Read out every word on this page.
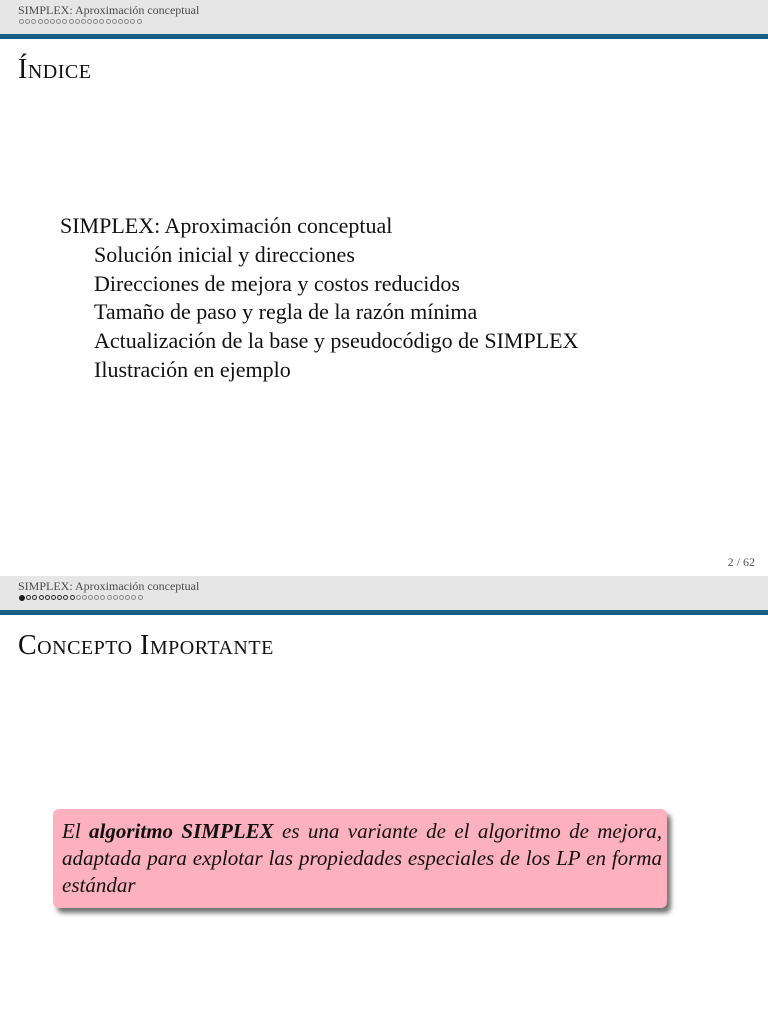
SIMPLEX: Aproximación conceptual
Índice
SIMPLEX: Aproximación conceptual
Solución inicial y direcciones
Direcciones de mejora y costos reducidos
Tamaño de paso y regla de la razón mínima
Actualización de la base y pseudocódigo de SIMPLEX
Ilustración en ejemplo
2 / 62
SIMPLEX: Aproximación conceptual
Concepto Importante
El algoritmo SIMPLEX es una variante de el algoritmo de mejora, adaptada para explotar las propiedades especiales de los LP en forma estándar
